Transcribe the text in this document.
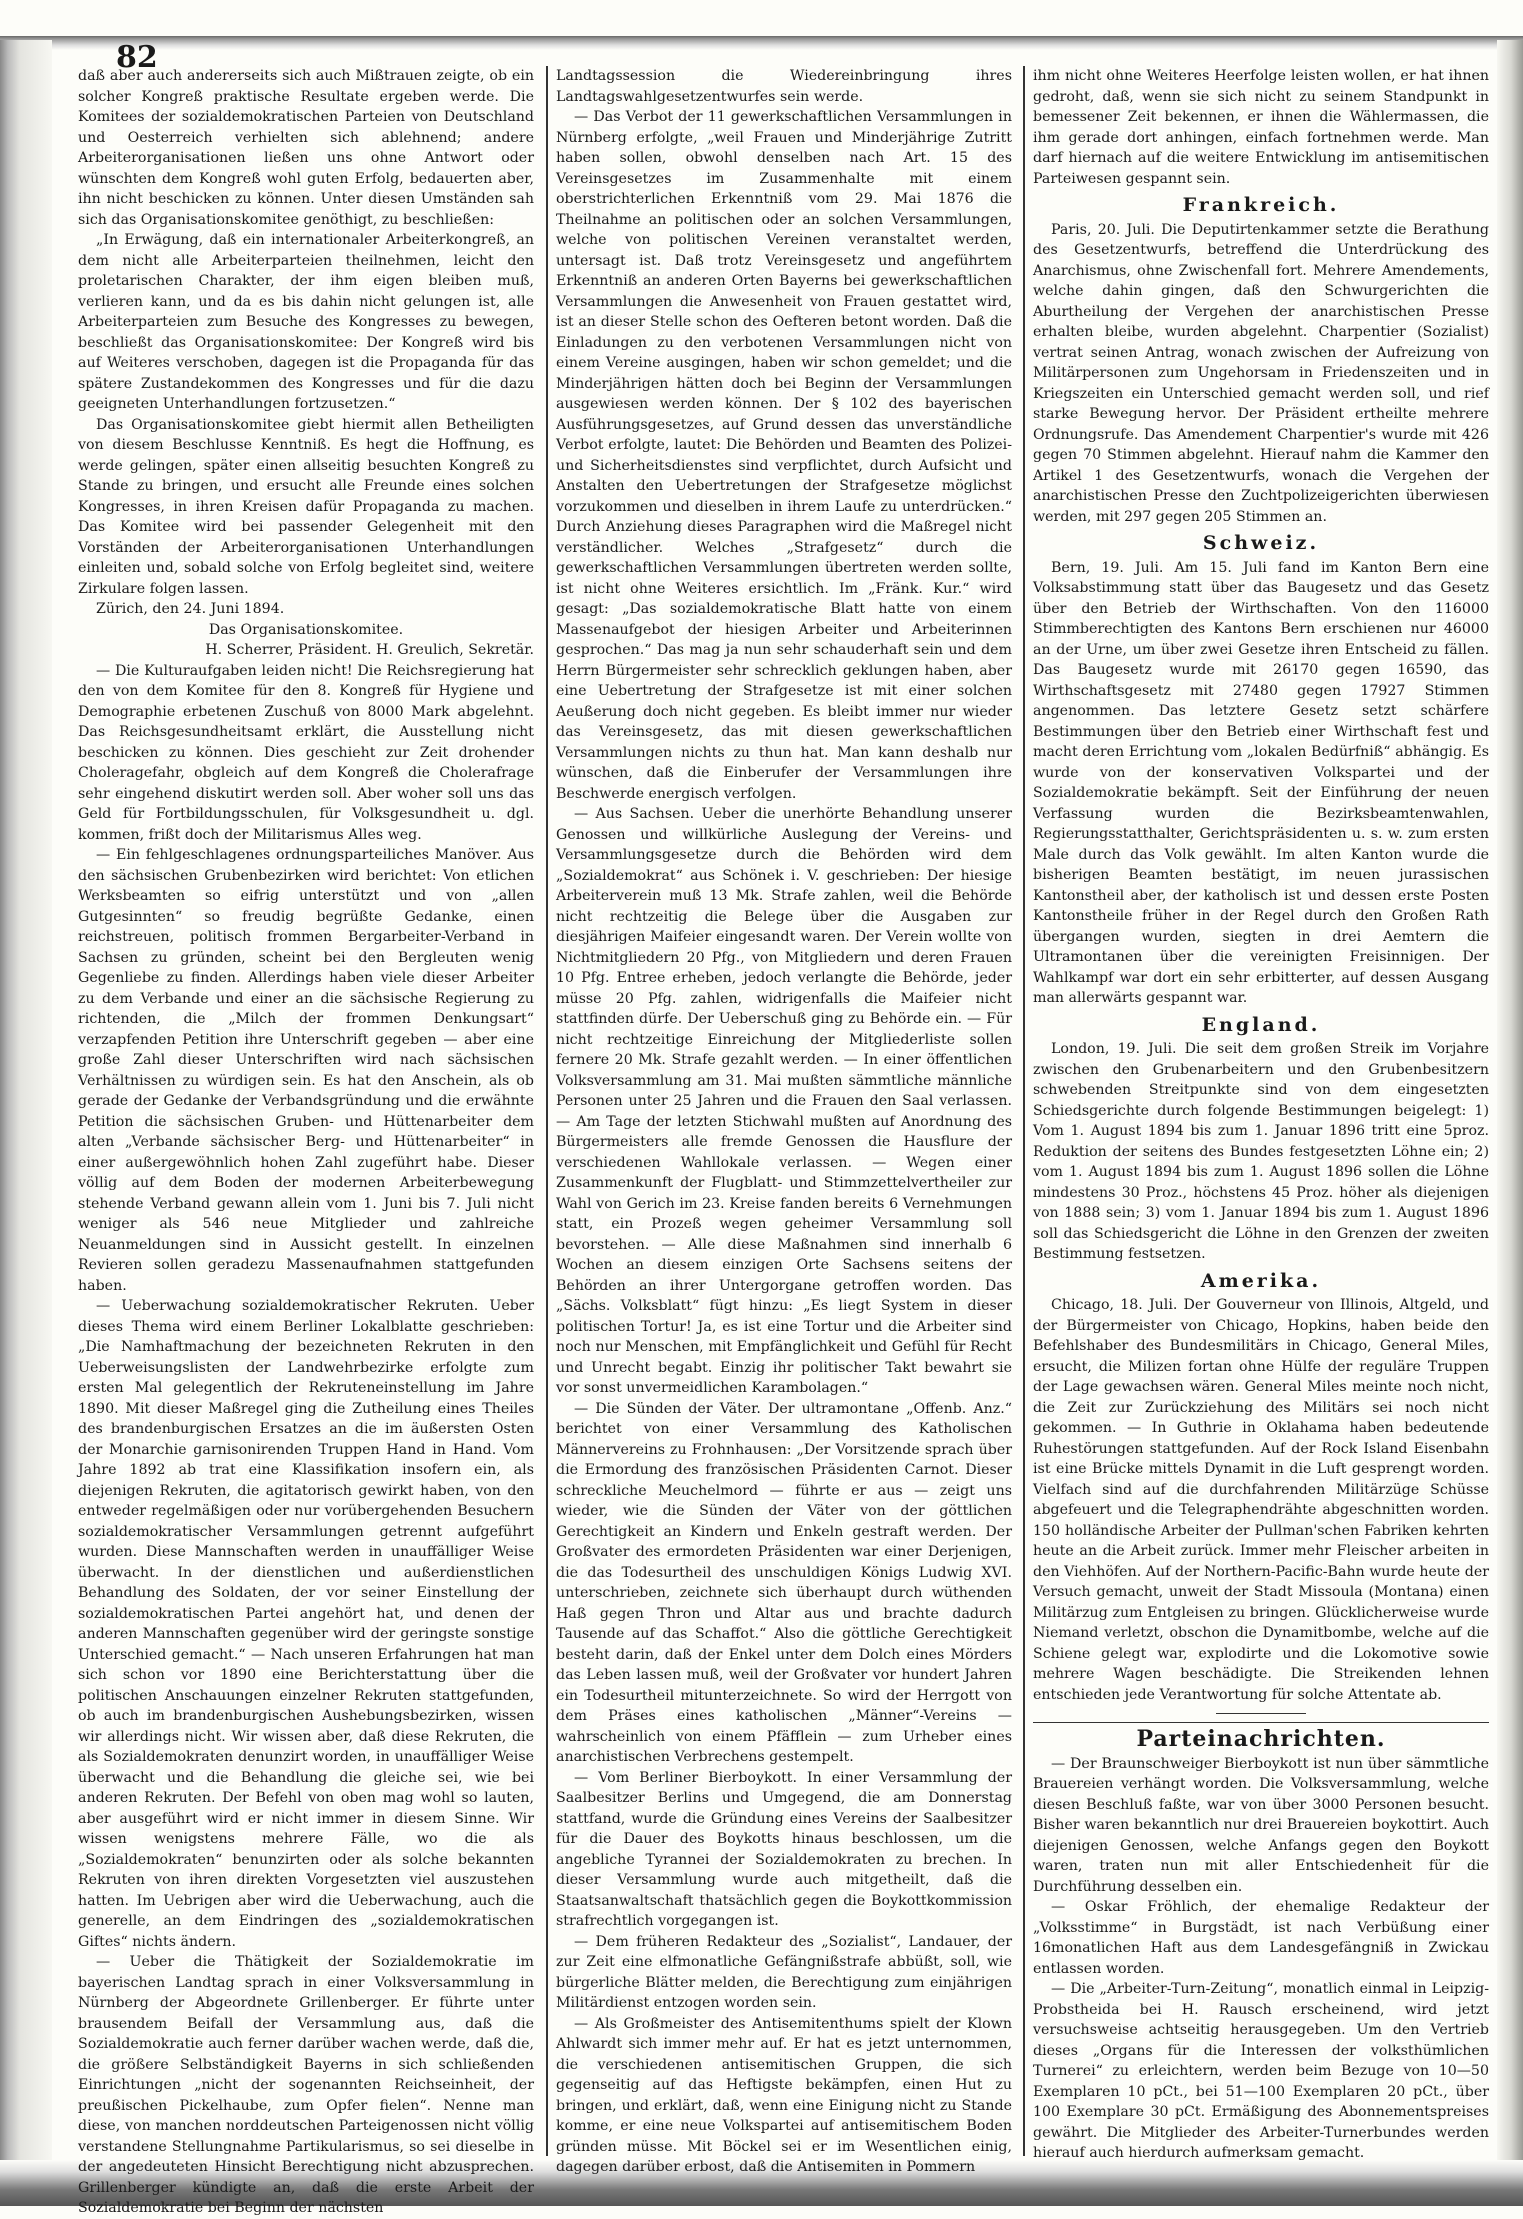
82

daß aber auch andererseits sich auch Mißtrauen zeigte, ob ein solcher Kongreß praktische Resultate ergeben werde. Die Komitees der sozialdemokratischen Parteien von Deutschland und Oesterreich verhielten sich ablehnend; andere Arbeiterorganisationen ließen uns ohne Antwort oder wünschten dem Kongreß wohl guten Erfolg, bedauerten aber, ihn nicht beschicken zu können. Unter diesen Umständen sah sich das Organisationskomitee genöthigt, zu beschließen:

„In Erwägung, daß ein internationaler Arbeiterkongreß, an dem nicht alle Arbeiterparteien theilnehmen, leicht den proletarischen Charakter, der ihm eigen bleiben muß, verlieren kann, und da es bis dahin nicht gelungen ist, alle Arbeiterparteien zum Besuche des Kongresses zu bewegen, beschließt das Organisationskomitee: Der Kongreß wird bis auf Weiteres verschoben, dagegen ist die Propaganda für das spätere Zustandekommen des Kongresses und für die dazu geeigneten Unterhandlungen fortzusetzen.“

Das Organisationskomitee giebt hiermit allen Betheiligten von diesem Beschlusse Kenntniß. Es hegt die Hoffnung, es werde gelingen, später einen allseitig besuchten Kongreß zu Stande zu bringen, und ersucht alle Freunde eines solchen Kongresses, in ihren Kreisen dafür Propaganda zu machen. Das Komitee wird bei passender Gelegenheit mit den Vorständen der Arbeiterorganisationen Unterhandlungen einleiten und, sobald solche von Erfolg begleitet sind, weitere Zirkulare folgen lassen.

Zürich, den 24. Juni 1894.

Das Organisationskomitee.

H. Scherrer, Präsident. H. Greulich, Sekretär.

— Die Kulturaufgaben leiden nicht! Die Reichsregierung hat den von dem Komitee für den 8. Kongreß für Hygiene und Demographie erbetenen Zuschuß von 8000 Mark abgelehnt. Das Reichsgesundheitsamt erklärt, die Ausstellung nicht beschicken zu können. Dies geschieht zur Zeit drohender Choleragefahr, obgleich auf dem Kongreß die Cholerafrage sehr eingehend diskutirt werden soll. Aber woher soll uns das Geld für Fortbildungsschulen, für Volksgesundheit u. dgl. kommen, frißt doch der Militarismus Alles weg.

— Ein fehlgeschlagenes ordnungsparteiliches Manöver. Aus den sächsischen Grubenbezirken wird berichtet: Von etlichen Werksbeamten so eifrig unterstützt und von „allen Gutgesinnten“ so freudig begrüßte Gedanke, einen reichstreuen, politisch frommen Bergarbeiter-Verband in Sachsen zu gründen, scheint bei den Bergleuten wenig Gegenliebe zu finden. Allerdings haben viele dieser Arbeiter zu dem Verbande und einer an die sächsische Regierung zu richtenden, die „Milch der frommen Denkungsart“ verzapfenden Petition ihre Unterschrift gegeben — aber eine große Zahl dieser Unterschriften wird nach sächsischen Verhältnissen zu würdigen sein. Es hat den Anschein, als ob gerade der Gedanke der Verbandsgründung und die erwähnte Petition die sächsischen Gruben- und Hüttenarbeiter dem alten „Verbande sächsischer Berg- und Hüttenarbeiter“ in einer außergewöhnlich hohen Zahl zugeführt habe. Dieser völlig auf dem Boden der modernen Arbeiterbewegung stehende Verband gewann allein vom 1. Juni bis 7. Juli nicht weniger als 546 neue Mitglieder und zahlreiche Neuanmeldungen sind in Aussicht gestellt. In einzelnen Revieren sollen geradezu Massenaufnahmen stattgefunden haben.

— Ueberwachung sozialdemokratischer Rekruten. Ueber dieses Thema wird einem Berliner Lokalblatte geschrieben: „Die Namhaftmachung der bezeichneten Rekruten in den Ueberweisungslisten der Landwehrbezirke erfolgte zum ersten Mal gelegentlich der Rekruteneinstellung im Jahre 1890. Mit dieser Maßregel ging die Zutheilung eines Theiles des brandenburgischen Ersatzes an die im äußersten Osten der Monarchie garnisonirenden Truppen Hand in Hand. Vom Jahre 1892 ab trat eine Klassifikation insofern ein, als diejenigen Rekruten, die agitatorisch gewirkt haben, von den entweder regelmäßigen oder nur vorübergehenden Besuchern sozialdemokratischer Versammlungen getrennt aufgeführt wurden. Diese Mannschaften werden in unauffälliger Weise überwacht. In der dienstlichen und außerdienstlichen Behandlung des Soldaten, der vor seiner Einstellung der sozialdemokratischen Partei angehört hat, und denen der anderen Mannschaften gegenüber wird der geringste sonstige Unterschied gemacht.“ — Nach unseren Erfahrungen hat man sich schon vor 1890 eine Berichterstattung über die politischen Anschauungen einzelner Rekruten stattgefunden, ob auch im brandenburgischen Aushebungsbezirken, wissen wir allerdings nicht. Wir wissen aber, daß diese Rekruten, die als Sozialdemokraten denunzirt worden, in unauffälliger Weise überwacht und die Behandlung die gleiche sei, wie bei anderen Rekruten. Der Befehl von oben mag wohl so lauten, aber ausgeführt wird er nicht immer in diesem Sinne. Wir wissen wenigstens mehrere Fälle, wo die als „Sozialdemokraten“ benunzirten oder als solche bekannten Rekruten von ihren direkten Vorgesetzten viel auszustehen hatten. Im Uebrigen aber wird die Ueberwachung, auch die generelle, an dem Eindringen des „sozialdemokratischen Giftes“ nichts ändern.

— Ueber die Thätigkeit der Sozialdemokratie im bayerischen Landtag sprach in einer Volksversammlung in Nürnberg der Abgeordnete Grillenberger. Er führte unter brausendem Beifall der Versammlung aus, daß die Sozialdemokratie auch ferner darüber wachen werde, daß die, die größere Selbständigkeit Bayerns in sich schließenden Einrichtungen „nicht der sogenannten Reichseinheit, der preußischen Pickelhaube, zum Opfer fielen“. Nenne man diese, von manchen norddeutschen Parteigenossen nicht völlig verstandene Stellungnahme Partikularismus, so sei dieselbe in der angedeuteten Hinsicht Berechtigung nicht abzusprechen. Grillenberger kündigte an, daß die erste Arbeit der Sozialdemokratie bei Beginn der nächsten

Landtagssession die Wiedereinbringung ihres Landtagswahlgesetzentwurfes sein werde.

— Das Verbot der 11 gewerkschaftlichen Versammlungen in Nürnberg erfolgte, „weil Frauen und Minderjährige Zutritt haben sollen, obwohl denselben nach Art. 15 des Vereinsgesetzes im Zusammenhalte mit einem oberstrichterlichen Erkenntniß vom 29. Mai 1876 die Theilnahme an politischen oder an solchen Versammlungen, welche von politischen Vereinen veranstaltet werden, untersagt ist. Daß trotz Vereinsgesetz und angeführtem Erkenntniß an anderen Orten Bayerns bei gewerkschaftlichen Versammlungen die Anwesenheit von Frauen gestattet wird, ist an dieser Stelle schon des Oefteren betont worden. Daß die Einladungen zu den verbotenen Versammlungen nicht von einem Vereine ausgingen, haben wir schon gemeldet; und die Minderjährigen hätten doch bei Beginn der Versammlungen ausgewiesen werden können. Der § 102 des bayerischen Ausführungsgesetzes, auf Grund dessen das unverständliche Verbot erfolgte, lautet: Die Behörden und Beamten des Polizei- und Sicherheitsdienstes sind verpflichtet, durch Aufsicht und Anstalten den Uebertretungen der Strafgesetze möglichst vorzukommen und dieselben in ihrem Laufe zu unterdrücken.“ Durch Anziehung dieses Paragraphen wird die Maßregel nicht verständlicher. Welches „Strafgesetz“ durch die gewerkschaftlichen Versammlungen übertreten werden sollte, ist nicht ohne Weiteres ersichtlich. Im „Fränk. Kur.“ wird gesagt: „Das sozialdemokratische Blatt hatte von einem Massenaufgebot der hiesigen Arbeiter und Arbeiterinnen gesprochen.“ Das mag ja nun sehr schauderhaft sein und dem Herrn Bürgermeister sehr schrecklich geklungen haben, aber eine Uebertretung der Strafgesetze ist mit einer solchen Aeußerung doch nicht gegeben. Es bleibt immer nur wieder das Vereinsgesetz, das mit diesen gewerkschaftlichen Versammlungen nichts zu thun hat. Man kann deshalb nur wünschen, daß die Einberufer der Versammlungen ihre Beschwerde energisch verfolgen.

— Aus Sachsen. Ueber die unerhörte Behandlung unserer Genossen und willkürliche Auslegung der Vereins- und Versammlungsgesetze durch die Behörden wird dem „Sozialdemokrat“ aus Schönek i. V. geschrieben: Der hiesige Arbeiterverein muß 13 Mk. Strafe zahlen, weil die Behörde nicht rechtzeitig die Belege über die Ausgaben zur diesjährigen Maifeier eingesandt waren. Der Verein wollte von Nichtmitgliedern 20 Pfg., von Mitgliedern und deren Frauen 10 Pfg. Entree erheben, jedoch verlangte die Behörde, jeder müsse 20 Pfg. zahlen, widrigenfalls die Maifeier nicht stattfinden dürfe. Der Ueberschuß ging zu Behörde ein. — Für nicht rechtzeitige Einreichung der Mitgliederliste sollen fernere 20 Mk. Strafe gezahlt werden. — In einer öffentlichen Volksversammlung am 31. Mai mußten sämmtliche männliche Personen unter 25 Jahren und die Frauen den Saal verlassen. — Am Tage der letzten Stichwahl mußten auf Anordnung des Bürgermeisters alle fremde Genossen die Hausflure der verschiedenen Wahllokale verlassen. — Wegen einer Zusammenkunft der Flugblatt- und Stimmzettelvertheiler zur Wahl von Gerich im 23. Kreise fanden bereits 6 Vernehmungen statt, ein Prozeß wegen geheimer Versammlung soll bevorstehen. — Alle diese Maßnahmen sind innerhalb 6 Wochen an diesem einzigen Orte Sachsens seitens der Behörden an ihrer Untergorgane getroffen worden. Das „Sächs. Volksblatt“ fügt hinzu: „Es liegt System in dieser politischen Tortur! Ja, es ist eine Tortur und die Arbeiter sind noch nur Menschen, mit Empfänglichkeit und Gefühl für Recht und Unrecht begabt. Einzig ihr politischer Takt bewahrt sie vor sonst unvermeidlichen Karambolagen.“

— Die Sünden der Väter. Der ultramontane „Offenb. Anz.“ berichtet von einer Versammlung des Katholischen Männervereins zu Frohnhausen: „Der Vorsitzende sprach über die Ermordung des französischen Präsidenten Carnot. Dieser schreckliche Meuchelmord — führte er aus — zeigt uns wieder, wie die Sünden der Väter von der göttlichen Gerechtigkeit an Kindern und Enkeln gestraft werden. Der Großvater des ermordeten Präsidenten war einer Derjenigen, die das Todesurtheil des unschuldigen Königs Ludwig XVI. unterschrieben, zeichnete sich überhaupt durch wüthenden Haß gegen Thron und Altar aus und brachte dadurch Tausende auf das Schaffot.“ Also die göttliche Gerechtigkeit besteht darin, daß der Enkel unter dem Dolch eines Mörders das Leben lassen muß, weil der Großvater vor hundert Jahren ein Todesurtheil mitunterzeichnete. So wird der Herrgott von dem Präses eines katholischen „Männer“-Vereins — wahrscheinlich von einem Pfäfflein — zum Urheber eines anarchistischen Verbrechens gestempelt.

— Vom Berliner Bierboykott. In einer Versammlung der Saalbesitzer Berlins und Umgegend, die am Donnerstag stattfand, wurde die Gründung eines Vereins der Saalbesitzer für die Dauer des Boykotts hinaus beschlossen, um die angebliche Tyrannei der Sozialdemokraten zu brechen. In dieser Versammlung wurde auch mitgetheilt, daß die Staatsanwaltschaft thatsächlich gegen die Boykottkommission strafrechtlich vorgegangen ist.

— Dem früheren Redakteur des „Sozialist“, Landauer, der zur Zeit eine elfmonatliche Gefängnißstrafe abbüßt, soll, wie bürgerliche Blätter melden, die Berechtigung zum einjährigen Militärdienst entzogen worden sein.

— Als Großmeister des Antisemitenthums spielt der Klown Ahlwardt sich immer mehr auf. Er hat es jetzt unternommen, die verschiedenen antisemitischen Gruppen, die sich gegenseitig auf das Heftigste bekämpfen, einen Hut zu bringen, und erklärt, daß, wenn eine Einigung nicht zu Stande komme, er eine neue Volkspartei auf antisemitischem Boden gründen müsse. Mit Böckel sei er im Wesentlichen einig, dagegen darüber erbost, daß die Antisemiten in Pommern

ihm nicht ohne Weiteres Heerfolge leisten wollen, er hat ihnen gedroht, daß, wenn sie sich nicht zu seinem Standpunkt in bemessener Zeit bekennen, er ihnen die Wählermassen, die ihm gerade dort anhingen, einfach fortnehmen werde. Man darf hiernach auf die weitere Entwicklung im antisemitischen Parteiwesen gespannt sein.

Frankreich.

Paris, 20. Juli. Die Deputirtenkammer setzte die Berathung des Gesetzentwurfs, betreffend die Unterdrückung des Anarchismus, ohne Zwischenfall fort. Mehrere Amendements, welche dahin gingen, daß den Schwurgerichten die Aburtheilung der Vergehen der anarchistischen Presse erhalten bleibe, wurden abgelehnt. Charpentier (Sozialist) vertrat seinen Antrag, wonach zwischen der Aufreizung von Militärpersonen zum Ungehorsam in Friedenszeiten und in Kriegszeiten ein Unterschied gemacht werden soll, und rief starke Bewegung hervor. Der Präsident ertheilte mehrere Ordnungsrufe. Das Amendement Charpentier's wurde mit 426 gegen 70 Stimmen abgelehnt. Hierauf nahm die Kammer den Artikel 1 des Gesetzentwurfs, wonach die Vergehen der anarchistischen Presse den Zuchtpolizeigerichten überwiesen werden, mit 297 gegen 205 Stimmen an.

Schweiz.

Bern, 19. Juli. Am 15. Juli fand im Kanton Bern eine Volksabstimmung statt über das Baugesetz und das Gesetz über den Betrieb der Wirthschaften. Von den 116000 Stimmberechtigten des Kantons Bern erschienen nur 46000 an der Urne, um über zwei Gesetze ihren Entscheid zu fällen. Das Baugesetz wurde mit 26170 gegen 16590, das Wirthschaftsgesetz mit 27480 gegen 17927 Stimmen angenommen. Das letztere Gesetz setzt schärfere Bestimmungen über den Betrieb einer Wirthschaft fest und macht deren Errichtung vom „lokalen Bedürfniß“ abhängig. Es wurde von der konservativen Volkspartei und der Sozialdemokratie bekämpft. Seit der Einführung der neuen Verfassung wurden die Bezirksbeamtenwahlen, Regierungsstatthalter, Gerichtspräsidenten u. s. w. zum ersten Male durch das Volk gewählt. Im alten Kanton wurde die bisherigen Beamten bestätigt, im neuen jurassischen Kantonstheil aber, der katholisch ist und dessen erste Posten Kantonstheile früher in der Regel durch den Großen Rath übergangen wurden, siegten in drei Aemtern die Ultramontanen über die vereinigten Freisinnigen. Der Wahlkampf war dort ein sehr erbitterter, auf dessen Ausgang man allerwärts gespannt war.

England.

London, 19. Juli. Die seit dem großen Streik im Vorjahre zwischen den Grubenarbeitern und den Grubenbesitzern schwebenden Streitpunkte sind von dem eingesetzten Schiedsgerichte durch folgende Bestimmungen beigelegt: 1) Vom 1. August 1894 bis zum 1. Januar 1896 tritt eine 5proz. Reduktion der seitens des Bundes festgesetzten Löhne ein; 2) vom 1. August 1894 bis zum 1. August 1896 sollen die Löhne mindestens 30 Proz., höchstens 45 Proz. höher als diejenigen von 1888 sein; 3) vom 1. Januar 1894 bis zum 1. August 1896 soll das Schiedsgericht die Löhne in den Grenzen der zweiten Bestimmung festsetzen.

Amerika.

Chicago, 18. Juli. Der Gouverneur von Illinois, Altgeld, und der Bürgermeister von Chicago, Hopkins, haben beide den Befehlshaber des Bundesmilitärs in Chicago, General Miles, ersucht, die Milizen fortan ohne Hülfe der reguläre Truppen der Lage gewachsen wären. General Miles meinte noch nicht, die Zeit zur Zurückziehung des Militärs sei noch nicht gekommen. — In Guthrie in Oklahama haben bedeutende Ruhestörungen stattgefunden. Auf der Rock Island Eisenbahn ist eine Brücke mittels Dynamit in die Luft gesprengt worden. Vielfach sind auf die durchfahrenden Militärzüge Schüsse abgefeuert und die Telegraphendrähte abgeschnitten worden. 150 holländische Arbeiter der Pullman'schen Fabriken kehrten heute an die Arbeit zurück. Immer mehr Fleischer arbeiten in den Viehhöfen. Auf der Northern-Pacific-Bahn wurde heute der Versuch gemacht, unweit der Stadt Missoula (Montana) einen Militärzug zum Entgleisen zu bringen. Glücklicherweise wurde Niemand verletzt, obschon die Dynamitbombe, welche auf die Schiene gelegt war, explodirte und die Lokomotive sowie mehrere Wagen beschädigte. Die Streikenden lehnen entschieden jede Verantwortung für solche Attentate ab.

Parteinachrichten.

— Der Braunschweiger Bierboykott ist nun über sämmtliche Brauereien verhängt worden. Die Volksversammlung, welche diesen Beschluß faßte, war von über 3000 Personen besucht. Bisher waren bekanntlich nur drei Brauereien boykottirt. Auch diejenigen Genossen, welche Anfangs gegen den Boykott waren, traten nun mit aller Entschiedenheit für die Durchführung desselben ein.

— Oskar Fröhlich, der ehemalige Redakteur der „Volksstimme“ in Burgstädt, ist nach Verbüßung einer 16monatlichen Haft aus dem Landesgefängniß in Zwickau entlassen worden.

— Die „Arbeiter-Turn-Zeitung“, monatlich einmal in Leipzig-Probstheida bei H. Rausch erscheinend, wird jetzt versuchsweise achtseitig herausgegeben. Um den Vertrieb dieses „Organs für die Interessen der volksthümlichen Turnerei“ zu erleichtern, werden beim Bezuge von 10—50 Exemplaren 10 pCt., bei 51—100 Exemplaren 20 pCt., über 100 Exemplare 30 pCt. Ermäßigung des Abonnementspreises gewährt. Die Mitglieder des Arbeiter-Turnerbundes werden hierauf auch hierdurch aufmerksam gemacht.
